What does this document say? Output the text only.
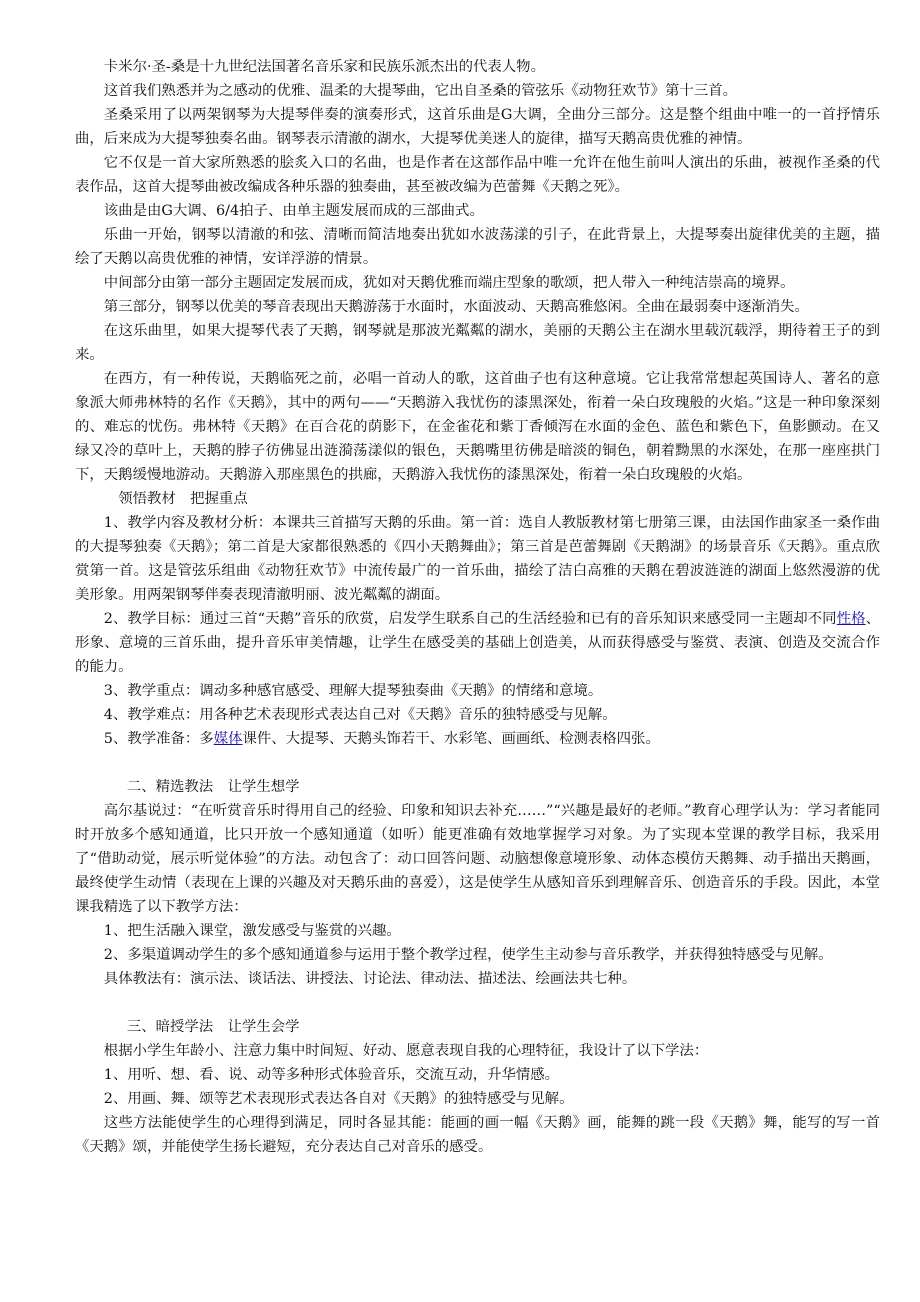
卡米尔·圣-桑是十九世纪法国著名音乐家和民族乐派杰出的代表人物。

这首我们熟悉并为之感动的优雅、温柔的大提琴曲，它出自圣桑的管弦乐《动物狂欢节》第十三首。

圣桑采用了以两架钢琴为大提琴伴奏的演奏形式，这首乐曲是G大调，全曲分三部分。这是整个组曲中唯一的一首抒情乐曲，后来成为大提琴独奏名曲。钢琴表示清澈的湖水，大提琴优美迷人的旋律，描写天鹅高贵优雅的神情。

它不仅是一首大家所熟悉的脍炙入口的名曲，也是作者在这部作品中唯一允许在他生前叫人演出的乐曲，被视作圣桑的代表作品，这首大提琴曲被改编成各种乐器的独奏曲，甚至被改编为芭蕾舞《天鹅之死》。

该曲是由G大调、6/4拍子、由单主题发展而成的三部曲式。

乐曲一开始，钢琴以清澈的和弦、清晰而简洁地奏出犹如水波荡漾的引子，在此背景上，大提琴奏出旋律优美的主题，描绘了天鹅以高贵优雅的神情，安详浮游的情景。

中间部分由第一部分主题固定发展而成，犹如对天鹅优雅而端庄型象的歌颂，把人带入一种纯洁崇高的境界。

第三部分，钢琴以优美的琴音表现出天鹅游荡于水面时，水面波动、天鹅高雅悠闲。全曲在最弱奏中逐渐消失。

在这乐曲里，如果大提琴代表了天鹅，钢琴就是那波光粼粼的湖水，美丽的天鹅公主在湖水里载沉载浮，期待着王子的到来。

在西方，有一种传说，天鹅临死之前，必唱一首动人的歌，这首曲子也有这种意境。它让我常常想起英国诗人、著名的意象派大师弗林特的名作《天鹅》，其中的两句——“天鹅游入我忧伤的漆黑深处，衔着一朵白玫瑰般的火焰。”这是一种印象深刻的、难忘的忧伤。弗林特《天鹅》在百合花的荫影下，在金雀花和紫丁香倾泻在水面的金色、蓝色和紫色下，鱼影颤动。在又绿又冷的草叶上，天鹅的脖子彷佛显出涟漪荡漾似的银色，天鹅嘴里彷佛是暗淡的铜色，朝着黝黑的水深处，在那一座座拱门下，天鹅缓慢地游动。天鹅游入那座黑色的拱廊，天鹅游入我忧伤的漆黑深处，衔着一朵白玫瑰般的火焰。

领悟教材　把握重点

1、教学内容及教材分析：本课共三首描写天鹅的乐曲。第一首：选自人教版教材第七册第三课，由法国作曲家圣一桑作曲的大提琴独奏《天鹅》；第二首是大家都很熟悉的《四小天鹅舞曲》；第三首是芭蕾舞剧《天鹅湖》的场景音乐《天鹅》。重点欣赏第一首。这是管弦乐组曲《动物狂欢节》中流传最广的一首乐曲，描绘了洁白高雅的天鹅在碧波涟涟的湖面上悠然漫游的优美形象。用两架钢琴伴奏表现清澈明丽、波光粼粼的湖面。

2、教学目标：通过三首“天鹅”音乐的欣赏，启发学生联系自己的生活经验和已有的音乐知识来感受同一主题却不同性格、形象、意境的三首乐曲，提升音乐审美情趣，让学生在感受美的基础上创造美，从而获得感受与鉴赏、表演、创造及交流合作的能力。

3、教学重点：调动多种感官感受、理解大提琴独奏曲《天鹅》的情绪和意境。

4、教学难点：用各种艺术表现形式表达自己对《天鹅》音乐的独特感受与见解。

5、教学准备：多媒体课件、大提琴、天鹅头饰若干、水彩笔、画画纸、检测表格四张。

二、精选教法　让学生想学

高尔基说过：“在听赏音乐时得用自己的经验、印象和知识去补充……”“兴趣是最好的老师。”教育心理学认为：学习者能同时开放多个感知通道，比只开放一个感知通道（如听）能更准确有效地掌握学习对象。为了实现本堂课的教学目标，我采用了“借助动觉，展示听觉体验”的方法。动包含了：动口回答问题、动脑想像意境形象、动体态模仿天鹅舞、动手描出天鹅画，最终使学生动情（表现在上课的兴趣及对天鹅乐曲的喜爱），这是使学生从感知音乐到理解音乐、创造音乐的手段。因此，本堂课我精选了以下教学方法：

1、把生活融入课堂，激发感受与鉴赏的兴趣。

2、多渠道调动学生的多个感知通道参与运用于整个教学过程，使学生主动参与音乐教学，并获得独特感受与见解。

具体教法有：演示法、谈话法、讲授法、讨论法、律动法、描述法、绘画法共七种。

三、暗授学法　让学生会学

根据小学生年龄小、注意力集中时间短、好动、愿意表现自我的心理特征，我设计了以下学法：

1、用听、想、看、说、动等多种形式体验音乐，交流互动，升华情感。

2、用画、舞、颂等艺术表现形式表达各自对《天鹅》的独特感受与见解。

这些方法能使学生的心理得到满足，同时各显其能：能画的画一幅《天鹅》画，能舞的跳一段《天鹅》舞，能写的写一首《天鹅》颂，并能使学生扬长避短，充分表达自己对音乐的感受。
